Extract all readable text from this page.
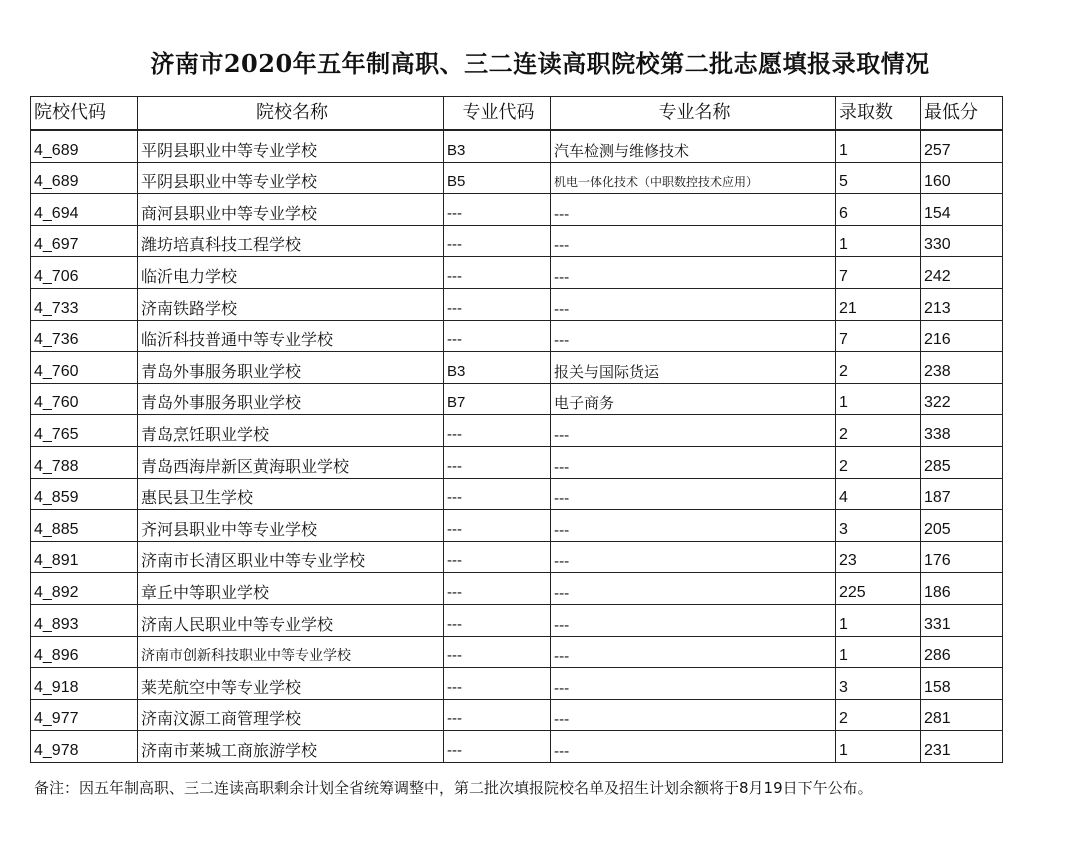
济南市2020年五年制高职、三二连读高职院校第二批志愿填报录取情况
院校代码	院校名称	专业代码	专业名称	录取数	最低分
4_689	平阴县职业中等专业学校	B3	汽车检测与维修技术	1	257
4_689	平阴县职业中等专业学校	B5	机电一体化技术（中职数控技术应用）	5	160
4_694	商河县职业中等专业学校	---	---	6	154
4_697	潍坊培真科技工程学校	---	---	1	330
4_706	临沂电力学校	---	---	7	242
4_733	济南铁路学校	---	---	21	213
4_736	临沂科技普通中等专业学校	---	---	7	216
4_760	青岛外事服务职业学校	B3	报关与国际货运	2	238
4_760	青岛外事服务职业学校	B7	电子商务	1	322
4_765	青岛烹饪职业学校	---	---	2	338
4_788	青岛西海岸新区黄海职业学校	---	---	2	285
4_859	惠民县卫生学校	---	---	4	187
4_885	齐河县职业中等专业学校	---	---	3	205
4_891	济南市长清区职业中等专业学校	---	---	23	176
4_892	章丘中等职业学校	---	---	225	186
4_893	济南人民职业中等专业学校	---	---	1	331
4_896	济南市创新科技职业中等专业学校	---	---	1	286
4_918	莱芜航空中等专业学校	---	---	3	158
4_977	济南汶源工商管理学校	---	---	2	281
4_978	济南市莱城工商旅游学校	---	---	1	231
备注：因五年制高职、三二连读高职剩余计划全省统筹调整中，第二批次填报院校名单及招生计划余额将于8月19日下午公布。
